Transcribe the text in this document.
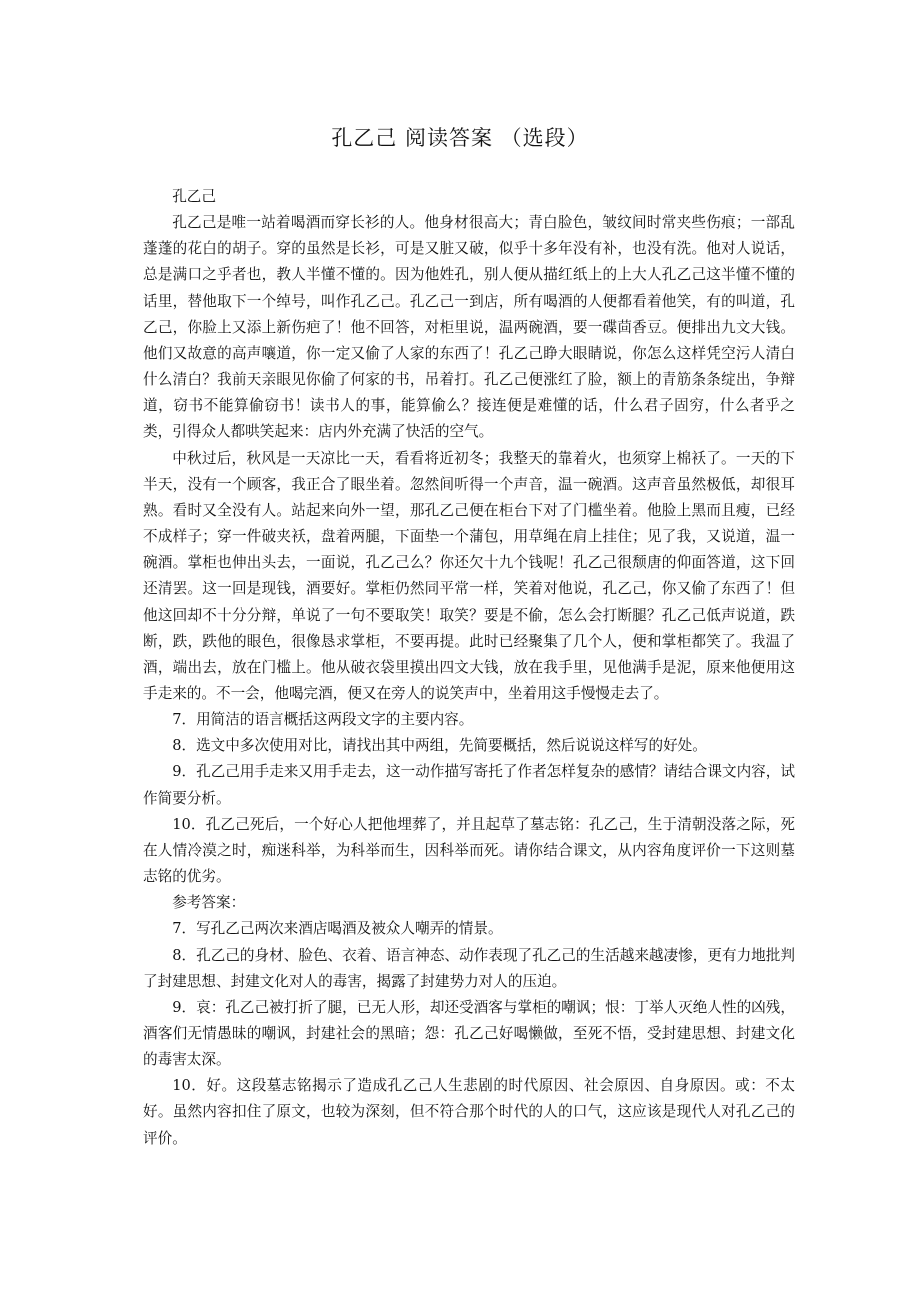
孔乙己 阅读答案 （选段）

孔乙己

孔乙己是唯一站着喝酒而穿长衫的人。他身材很高大；青白脸色，皱纹间时常夹些伤痕；一部乱蓬蓬的花白的胡子。穿的虽然是长衫，可是又脏又破，似乎十多年没有补，也没有洗。他对人说话，总是满口之乎者也，教人半懂不懂的。因为他姓孔，别人便从描红纸上的上大人孔乙己这半懂不懂的话里，替他取下一个绰号，叫作孔乙己。孔乙己一到店，所有喝酒的人便都看着他笑，有的叫道，孔乙己，你脸上又添上新伤疤了！他不回答，对柜里说，温两碗酒，要一碟茴香豆。便排出九文大钱。他们又故意的高声嚷道，你一定又偷了人家的东西了！孔乙己睁大眼睛说，你怎么这样凭空污人清白什么清白？我前天亲眼见你偷了何家的书，吊着打。孔乙己便涨红了脸，额上的青筋条条绽出，争辩道，窃书不能算偷窃书！读书人的事，能算偷么？接连便是难懂的话，什么君子固穷，什么者乎之类，引得众人都哄笑起来：店内外充满了快活的空气。

中秋过后，秋风是一天凉比一天，看看将近初冬；我整天的靠着火，也须穿上棉袄了。一天的下半天，没有一个顾客，我正合了眼坐着。忽然间听得一个声音，温一碗酒。这声音虽然极低，却很耳熟。看时又全没有人。站起来向外一望，那孔乙己便在柜台下对了门槛坐着。他脸上黑而且瘦，已经不成样子；穿一件破夹袄，盘着两腿，下面垫一个蒲包，用草绳在肩上挂住；见了我，又说道，温一碗酒。掌柜也伸出头去，一面说，孔乙己么？你还欠十九个钱呢！孔乙己很颓唐的仰面答道，这下回还清罢。这一回是现钱，酒要好。掌柜仍然同平常一样，笑着对他说，孔乙己，你又偷了东西了！但他这回却不十分分辩，单说了一句不要取笑！取笑？要是不偷，怎么会打断腿？孔乙己低声说道，跌断，跌，跌他的眼色，很像恳求掌柜，不要再提。此时已经聚集了几个人，便和掌柜都笑了。我温了酒，端出去，放在门槛上。他从破衣袋里摸出四文大钱，放在我手里，见他满手是泥，原来他便用这手走来的。不一会，他喝完酒，便又在旁人的说笑声中，坐着用这手慢慢走去了。

7．用简洁的语言概括这两段文字的主要内容。

8．选文中多次使用对比，请找出其中两组，先简要概括，然后说说这样写的好处。

9．孔乙己用手走来又用手走去，这一动作描写寄托了作者怎样复杂的感情？请结合课文内容，试作简要分析。

10．孔乙己死后，一个好心人把他埋葬了，并且起草了墓志铭：孔乙己，生于清朝没落之际，死在人情冷漠之时，痴迷科举，为科举而生，因科举而死。请你结合课文，从内容角度评价一下这则墓志铭的优劣。

参考答案：

7．写孔乙己两次来酒店喝酒及被众人嘲弄的情景。

8．孔乙己的身材、脸色、衣着、语言神态、动作表现了孔乙己的生活越来越凄惨，更有力地批判了封建思想、封建文化对人的毒害，揭露了封建势力对人的压迫。

9．哀：孔乙己被打折了腿，已无人形，却还受酒客与掌柜的嘲讽；恨：丁举人灭绝人性的凶残，酒客们无情愚昧的嘲讽，封建社会的黑暗；怨：孔乙己好喝懒做，至死不悟，受封建思想、封建文化的毒害太深。

10．好。这段墓志铭揭示了造成孔乙己人生悲剧的时代原因、社会原因、自身原因。或：不太好。虽然内容扣住了原文，也较为深刻，但不符合那个时代的人的口气，这应该是现代人对孔乙己的评价。
